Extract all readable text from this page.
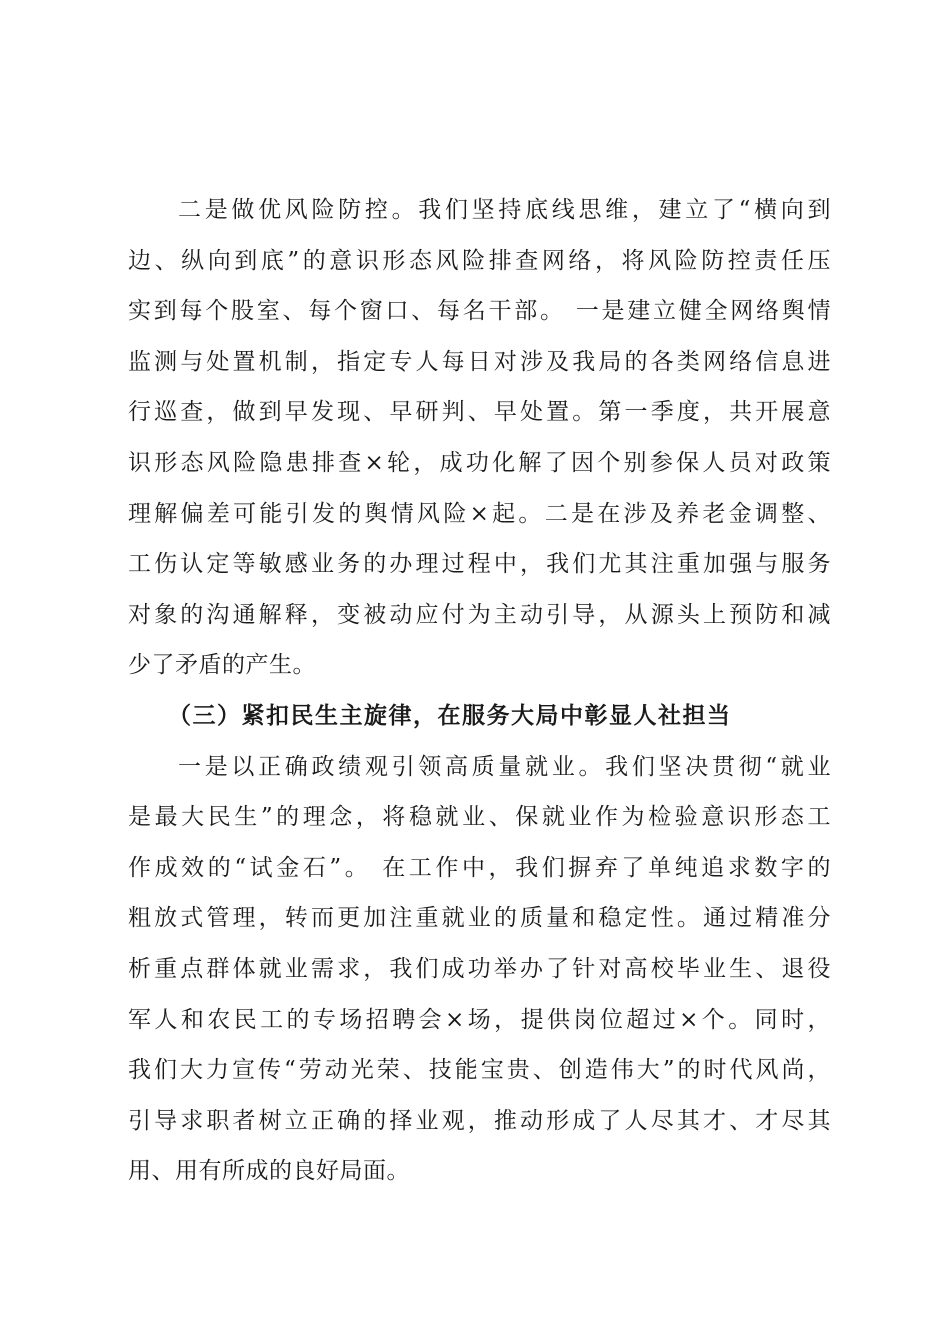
二是做优风险防控。我们坚持底线思维，建立了“横向到
边、纵向到底”的意识形态风险排查网络，将风险防控责任压
实到每个股室、每个窗口、每名干部。 一是建立健全网络舆情
监测与处置机制，指定专人每日对涉及我局的各类网络信息进
行巡查，做到早发现、早研判、早处置。第一季度，共开展意
识形态风险隐患排查×轮，成功化解了因个别参保人员对政策
理解偏差可能引发的舆情风险×起。二是在涉及养老金调整、
工伤认定等敏感业务的办理过程中，我们尤其注重加强与服务
对象的沟通解释，变被动应付为主动引导，从源头上预防和减
少了矛盾的产生。
（三）紧扣民生主旋律，在服务大局中彰显人社担当
一是以正确政绩观引领高质量就业。我们坚决贯彻“就业
是最大民生”的理念，将稳就业、保就业作为检验意识形态工
作成效的“试金石”。 在工作中，我们摒弃了单纯追求数字的
粗放式管理，转而更加注重就业的质量和稳定性。通过精准分
析重点群体就业需求，我们成功举办了针对高校毕业生、退役
军人和农民工的专场招聘会×场，提供岗位超过×个。同时，
我们大力宣传“劳动光荣、技能宝贵、创造伟大”的时代风尚，
引导求职者树立正确的择业观，推动形成了人尽其才、才尽其
用、用有所成的良好局面。
